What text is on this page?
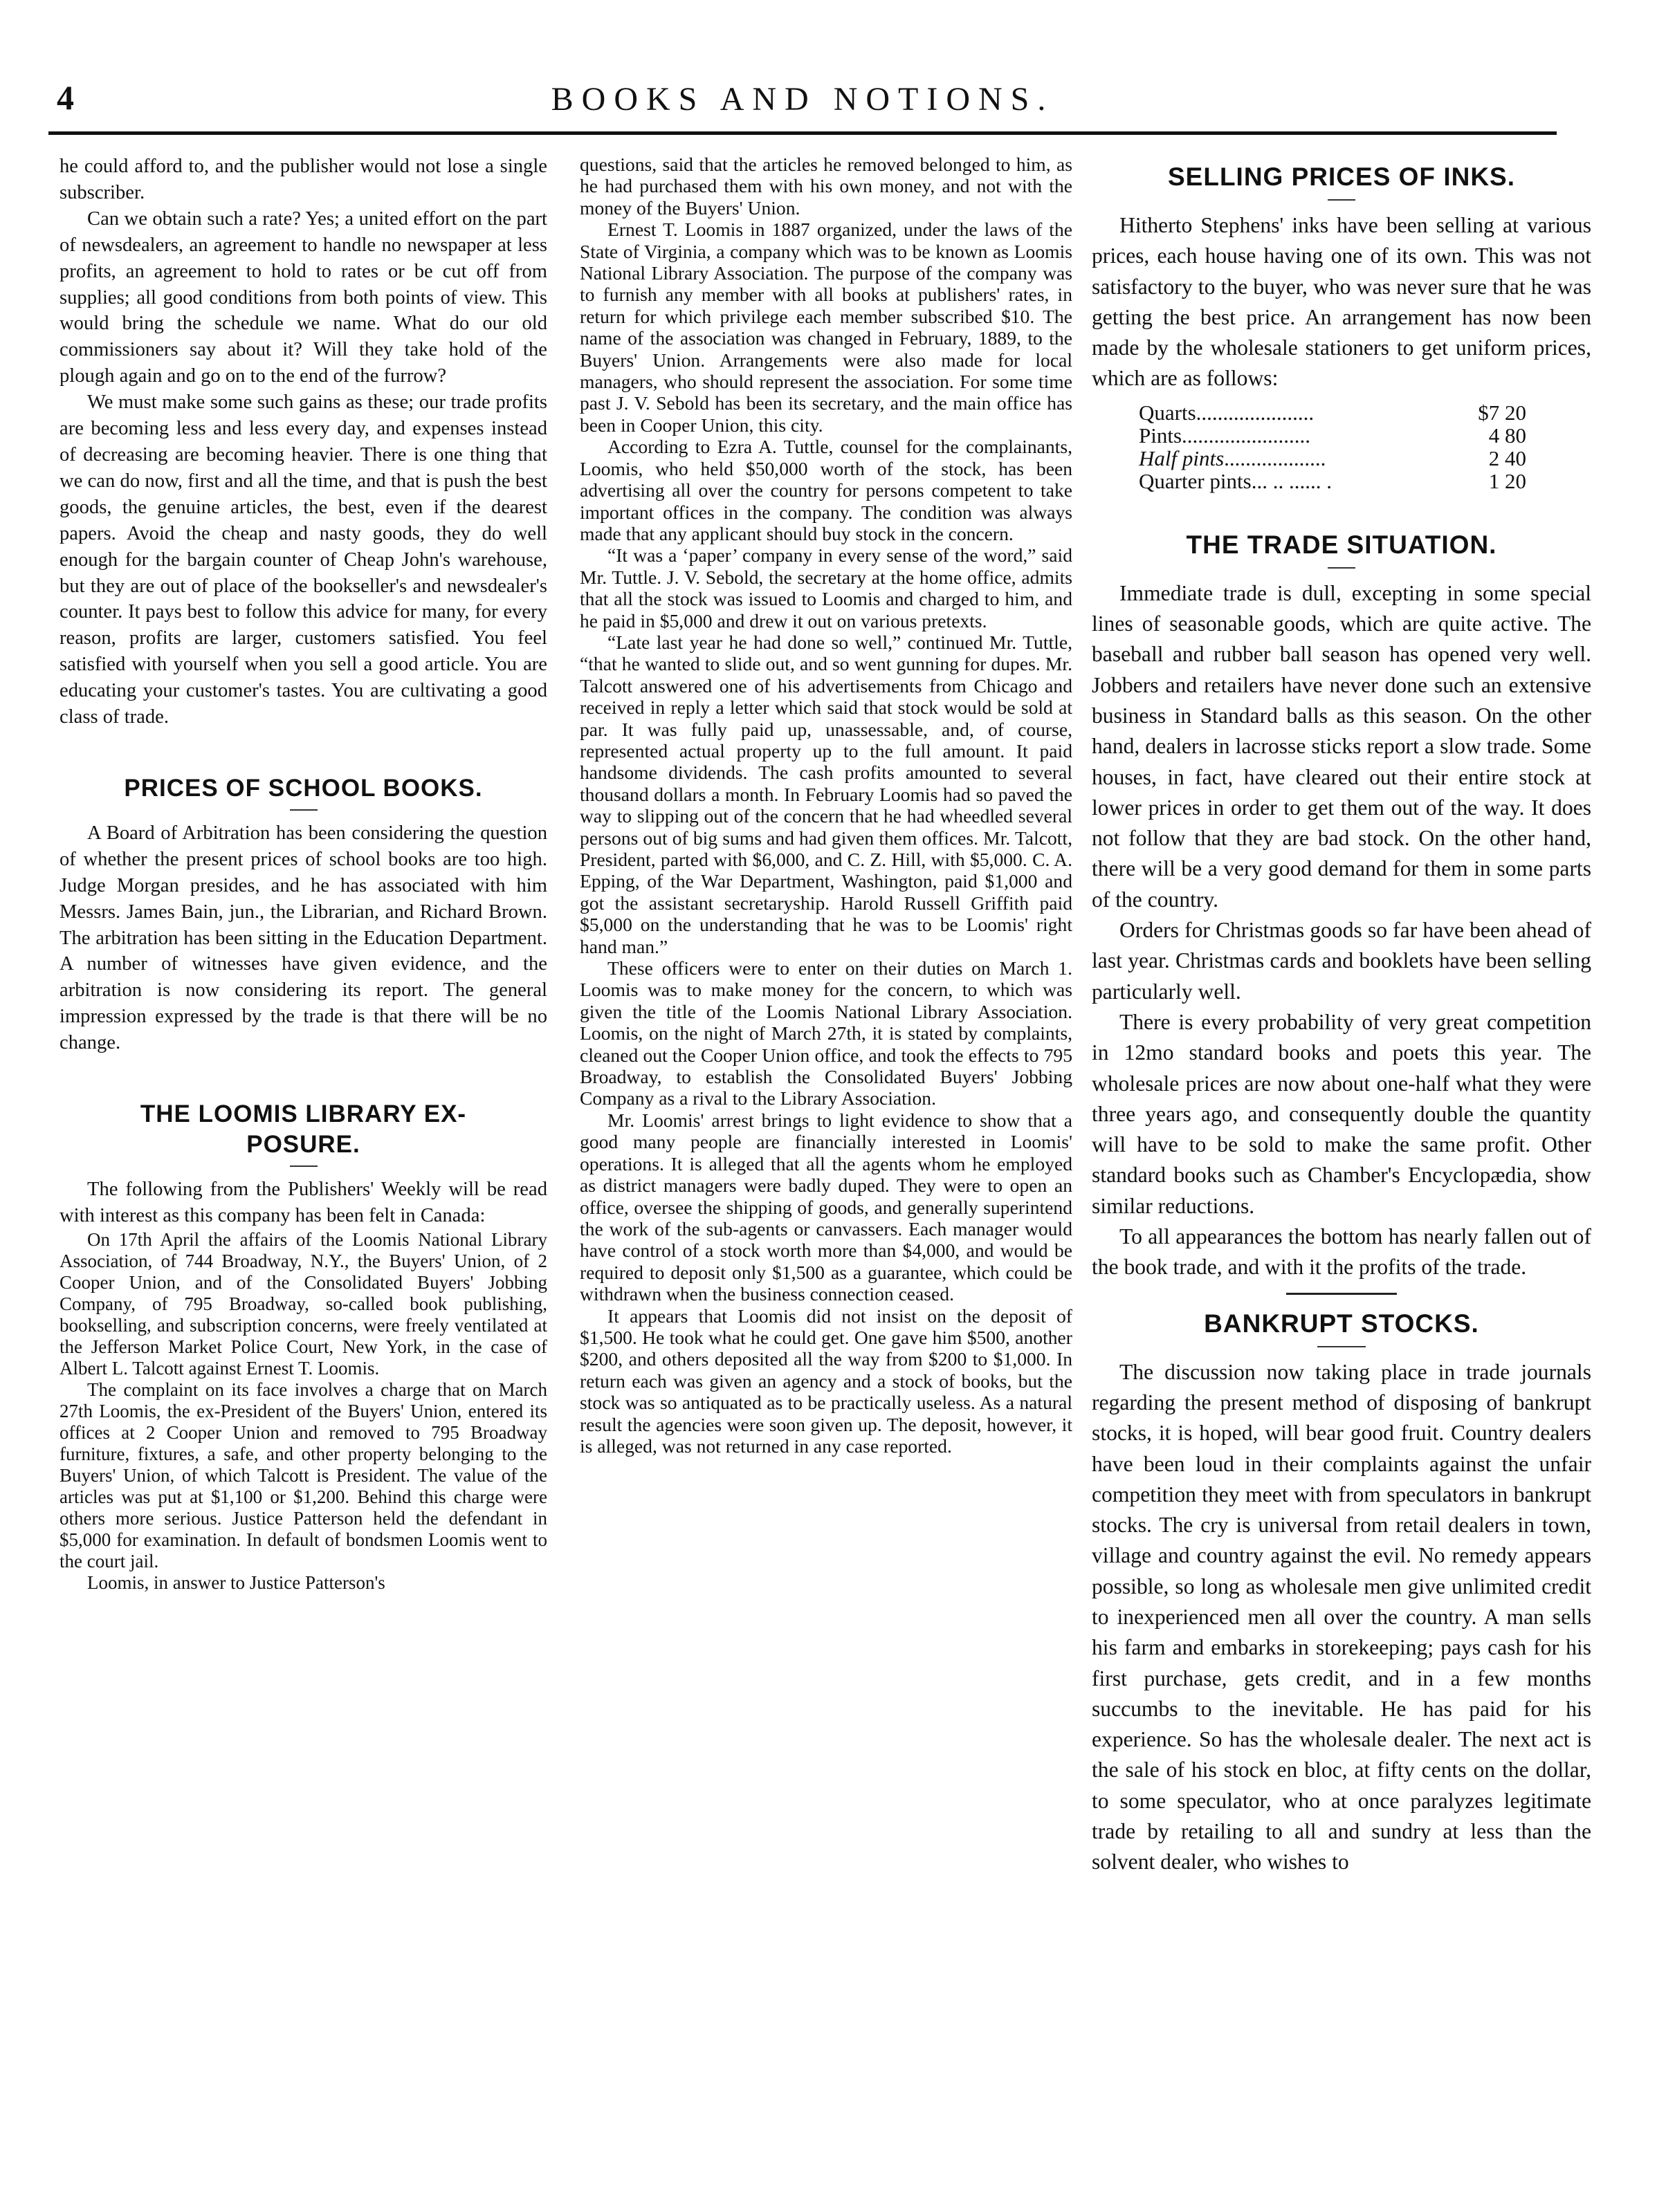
4	BOOKS AND NOTIONS.

he could afford to, and the publisher would not lose a single subscriber.

Can we obtain such a rate? Yes; a united effort on the part of newsdealers, an agreement to handle no newspaper at less profits, an agreement to hold to rates or be cut off from supplies; all good conditions from both points of view. This would bring the schedule we name. What do our old commissioners say about it? Will they take hold of the plough again and go on to the end of the furrow?

We must make some such gains as these; our trade profits are becoming less and less every day, and expenses instead of decreasing are becoming heavier. There is one thing that we can do now, first and all the time, and that is push the best goods, the genuine articles, the best, even if the dearest papers. Avoid the cheap and nasty goods, they do well enough for the bargain counter of Cheap John's warehouse, but they are out of place of the bookseller's and newsdealer's counter. It pays best to follow this advice for many, for every reason, profits are larger, customers satisfied. You feel satisfied with yourself when you sell a good article. You are educating your customer's tastes. You are cultivating a good class of trade.

PRICES OF SCHOOL BOOKS.

A Board of Arbitration has been considering the question of whether the present prices of school books are too high. Judge Morgan presides, and he has associated with him Messrs. James Bain, jun., the Librarian, and Richard Brown. The arbitration has been sitting in the Education Department. A number of witnesses have given evidence, and the arbitration is now considering its report. The general impression expressed by the trade is that there will be no change.

THE LOOMIS LIBRARY EX-
POSURE.

The following from the Publishers' Weekly will be read with interest as this company has been felt in Canada:

On 17th April the affairs of the Loomis National Library Association, of 744 Broadway, N.Y., the Buyers' Union, of 2 Cooper Union, and of the Consolidated Buyers' Jobbing Company, of 795 Broadway, so-called book publishing, bookselling, and subscription concerns, were freely ventilated at the Jefferson Market Police Court, New York, in the case of Albert L. Talcott against Ernest T. Loomis.

The complaint on its face involves a charge that on March 27th Loomis, the ex-President of the Buyers' Union, entered its offices at 2 Cooper Union and removed to 795 Broadway furniture, fixtures, a safe, and other property belonging to the Buyers' Union, of which Talcott is President. The value of the articles was put at $1,100 or $1,200. Behind this charge were others more serious. Justice Patterson held the defendant in $5,000 for examination. In default of bondsmen Loomis went to the court jail.

Loomis, in answer to Justice Patterson's

questions, said that the articles he removed belonged to him, as he had purchased them with his own money, and not with the money of the Buyers' Union.

Ernest T. Loomis in 1887 organized, under the laws of the State of Virginia, a company which was to be known as Loomis National Library Association. The purpose of the company was to furnish any member with all books at publishers' rates, in return for which privilege each member subscribed $10. The name of the association was changed in February, 1889, to the Buyers' Union. Arrangements were also made for local managers, who should represent the association. For some time past J. V. Sebold has been its secretary, and the main office has been in Cooper Union, this city.

According to Ezra A. Tuttle, counsel for the complainants, Loomis, who held $50,000 worth of the stock, has been advertising all over the country for persons competent to take important offices in the company. The condition was always made that any applicant should buy stock in the concern.

“It was a ‘paper’ company in every sense of the word,” said Mr. Tuttle. J. V. Sebold, the secretary at the home office, admits that all the stock was issued to Loomis and charged to him, and he paid in $5,000 and drew it out on various pretexts.

“Late last year he had done so well,” continued Mr. Tuttle, “that he wanted to slide out, and so went gunning for dupes. Mr. Talcott answered one of his advertisements from Chicago and received in reply a letter which said that stock would be sold at par. It was fully paid up, unassessable, and, of course, represented actual property up to the full amount. It paid handsome dividends. The cash profits amounted to several thousand dollars a month. In February Loomis had so paved the way to slipping out of the concern that he had wheedled several persons out of big sums and had given them offices. Mr. Talcott, President, parted with $6,000, and C. Z. Hill, with $5,000. C. A. Epping, of the War Department, Washington, paid $1,000 and got the assistant secretaryship. Harold Russell Griffith paid $5,000 on the understanding that he was to be Loomis' right hand man.”

These officers were to enter on their duties on March 1. Loomis was to make money for the concern, to which was given the title of the Loomis National Library Association. Loomis, on the night of March 27th, it is stated by complaints, cleaned out the Cooper Union office, and took the effects to 795 Broadway, to establish the Consolidated Buyers' Jobbing Company as a rival to the Library Association.

Mr. Loomis' arrest brings to light evidence to show that a good many people are financially interested in Loomis' operations. It is alleged that all the agents whom he employed as district managers were badly duped. They were to open an office, oversee the shipping of goods, and generally superintend the work of the sub-agents or canvassers. Each manager would have control of a stock worth more than $4,000, and would be required to deposit only $1,500 as a guarantee, which could be withdrawn when the business connection ceased.

It appears that Loomis did not insist on the deposit of $1,500. He took what he could get. One gave him $500, another $200, and others deposited all the way from $200 to $1,000. In return each was given an agency and a stock of books, but the stock was so antiquated as to be practically useless. As a natural result the agencies were soon given up. The deposit, however, it is alleged, was not returned in any case reported.

SELLING PRICES OF INKS.

Hitherto Stephens' inks have been selling at various prices, each house having one of its own. This was not satisfactory to the buyer, who was never sure that he was getting the best price. An arrangement has now been made by the wholesale stationers to get uniform prices, which are as follows:

Quarts......................	$7 20
Pints........................	4 80
Half pints...................	2 40
Quarter pints... .. ...... .	1 20
THE TRADE SITUATION.

Immediate trade is dull, excepting in some special lines of seasonable goods, which are quite active. The baseball and rubber ball season has opened very well. Jobbers and retailers have never done such an extensive business in Standard balls as this season. On the other hand, dealers in lacrosse sticks report a slow trade. Some houses, in fact, have cleared out their entire stock at lower prices in order to get them out of the way. It does not follow that they are bad stock. On the other hand, there will be a very good demand for them in some parts of the country.

Orders for Christmas goods so far have been ahead of last year. Christmas cards and booklets have been selling particularly well.

There is every probability of very great competition in 12mo standard books and poets this year. The wholesale prices are now about one-half what they were three years ago, and consequently double the quantity will have to be sold to make the same profit. Other standard books such as Chamber's Encyclopædia, show similar reductions.

To all appearances the bottom has nearly fallen out of the book trade, and with it the profits of the trade.

BANKRUPT STOCKS.

The discussion now taking place in trade journals regarding the present method of disposing of bankrupt stocks, it is hoped, will bear good fruit. Country dealers have been loud in their complaints against the unfair competition they meet with from speculators in bankrupt stocks. The cry is universal from retail dealers in town, village and country against the evil. No remedy appears possible, so long as wholesale men give unlimited credit to inexperienced men all over the country. A man sells his farm and embarks in storekeeping; pays cash for his first purchase, gets credit, and in a few months succumbs to the inevitable. He has paid for his experience. So has the wholesale dealer. The next act is the sale of his stock en bloc, at fifty cents on the dollar, to some speculator, who at once paralyzes legitimate trade by retailing to all and sundry at less than the solvent dealer, who wishes to
